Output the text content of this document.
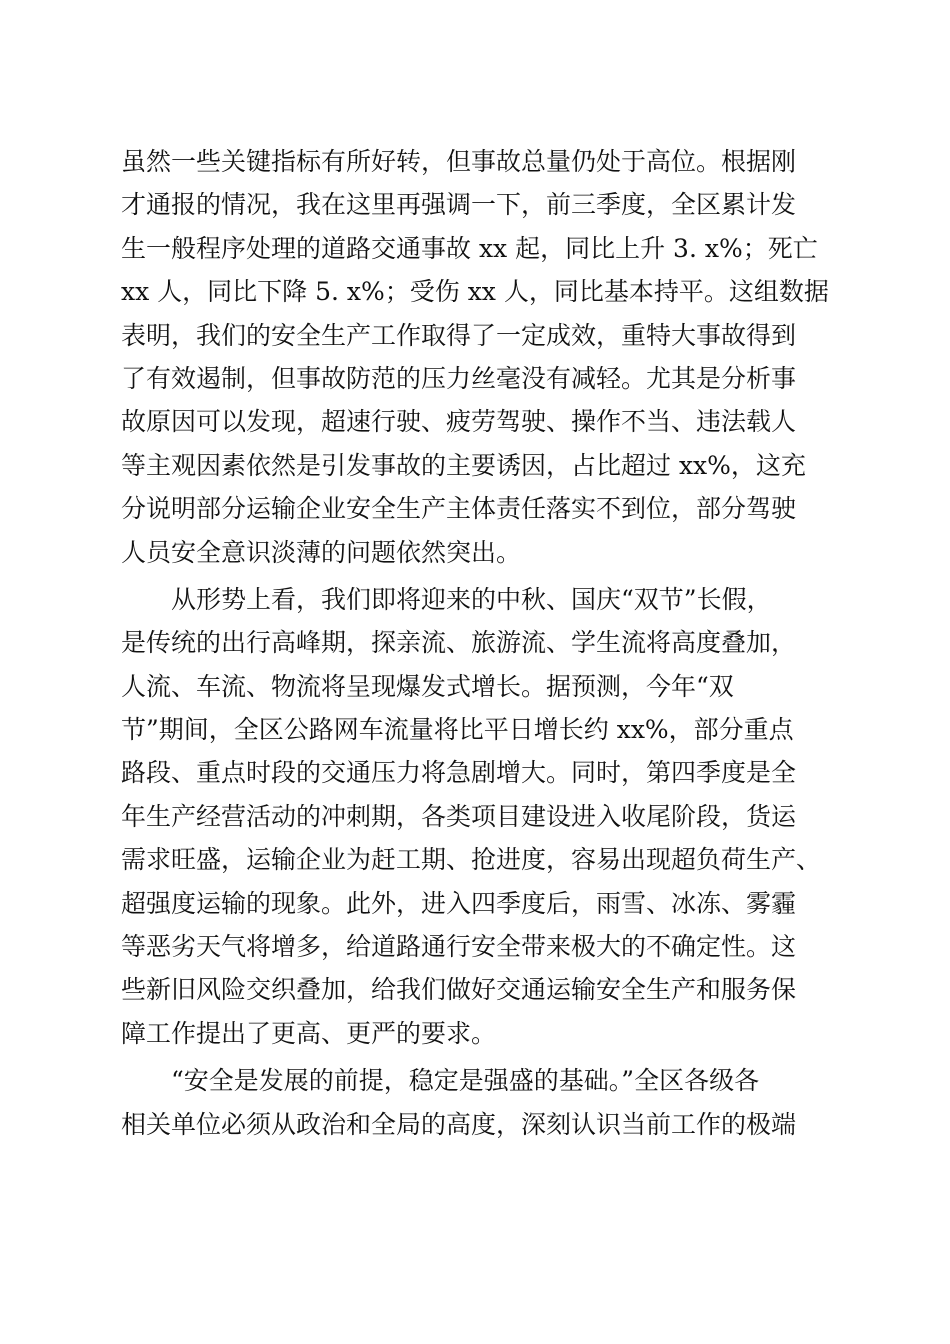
虽然一些关键指标有所好转，但事故总量仍处于高位。根据刚
才通报的情况，我在这里再强调一下，前三季度，全区累计发
生一般程序处理的道路交通事故 xx 起，同比上升 3. x%；死亡
xx 人，同比下降 5. x%；受伤 xx 人，同比基本持平。这组数据
表明，我们的安全生产工作取得了一定成效，重特大事故得到
了有效遏制，但事故防范的压力丝毫没有减轻。尤其是分析事
故原因可以发现，超速行驶、疲劳驾驶、操作不当、违法载人
等主观因素依然是引发事故的主要诱因，占比超过 xx%，这充
分说明部分运输企业安全生产主体责任落实不到位，部分驾驶
人员安全意识淡薄的问题依然突出。
从形势上看，我们即将迎来的中秋、国庆“双节”长假，
是传统的出行高峰期，探亲流、旅游流、学生流将高度叠加，
人流、车流、物流将呈现爆发式增长。据预测，今年“双
节”期间，全区公路网车流量将比平日增长约 xx%，部分重点
路段、重点时段的交通压力将急剧增大。同时，第四季度是全
年生产经营活动的冲刺期，各类项目建设进入收尾阶段，货运
需求旺盛，运输企业为赶工期、抢进度，容易出现超负荷生产、
超强度运输的现象。此外，进入四季度后，雨雪、冰冻、雾霾
等恶劣天气将增多，给道路通行安全带来极大的不确定性。这
些新旧风险交织叠加，给我们做好交通运输安全生产和服务保
障工作提出了更高、更严的要求。
“安全是发展的前提，稳定是强盛的基础。”全区各级各
相关单位必须从政治和全局的高度，深刻认识当前工作的极端
